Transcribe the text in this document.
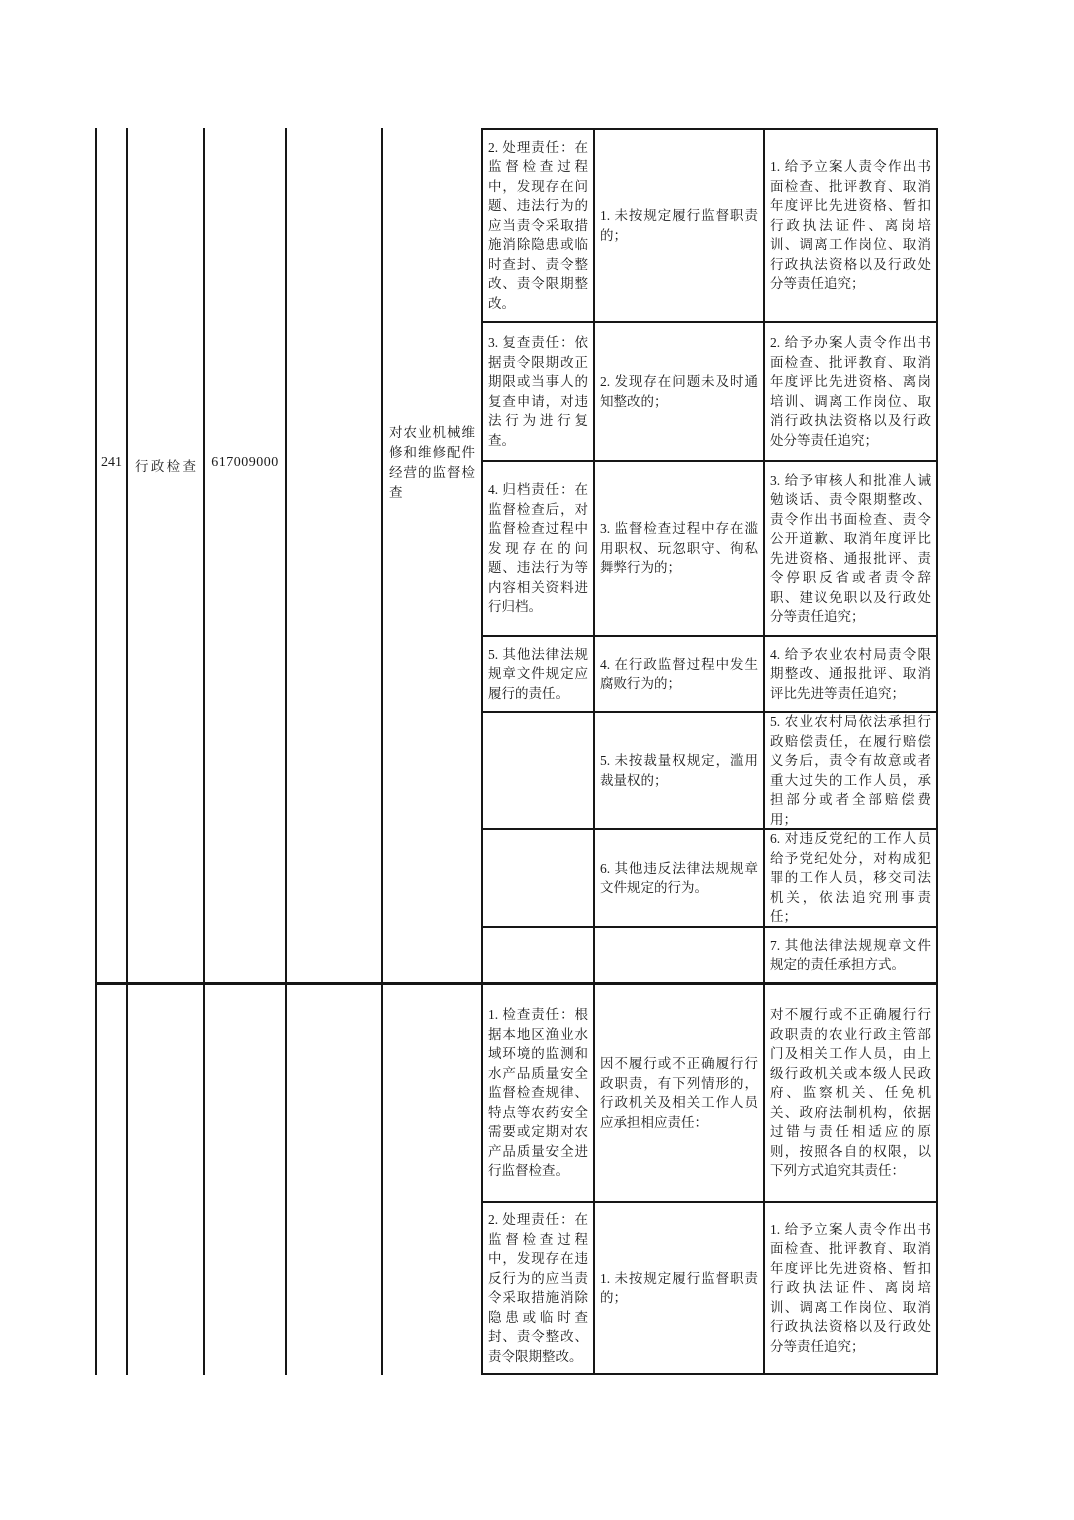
241 行政检查	617009000
对农业机械维修和维修配件经营的监督检查
2. 处理责任：在监督检查过程中，发现存在问题、违法行为的应当责令采取措施消除隐患或临时查封、责令整改、责令限期整改。
3. 复查责任：依据责令限期改正期限或当事人的复查申请，对违法行为进行复查。
4. 归档责任：在监督检查后，对监督检查过程中发现存在的问题、违法行为等内容相关资料进行归档。
5. 其他法律法规规章文件规定应履行的责任。
1. 未按规定履行监督职责的；
2. 发现存在问题未及时通知整改的；
3. 监督检查过程中存在滥用职权、玩忽职守、徇私舞弊行为的；
4. 在行政监督过程中发生腐败行为的；
5. 未按裁量权规定，滥用裁量权的；
6. 其他违反法律法规规章文件规定的行为。
1. 给予立案人责令作出书面检查、批评教育、取消年度评比先进资格、暂扣行政执法证件、离岗培训、调离工作岗位、取消行政执法资格以及行政处分等责任追究；
2. 给予办案人责令作出书面检查、批评教育、取消年度评比先进资格、离岗培训、调离工作岗位、取消行政执法资格以及行政处分等责任追究；
3. 给予审核人和批准人诫勉谈话、责令限期整改、责令作出书面检查、责令公开道歉、取消年度评比先进资格、通报批评、责令停职反省或者责令辞职、建议免职以及行政处分等责任追究；
4. 给予农业农村局责令限期整改、通报批评、取消评比先进等责任追究；
5. 农业农村局依法承担行政赔偿责任，在履行赔偿义务后，责令有故意或者重大过失的工作人员，承担部分或者全部赔偿费用；
6. 对违反党纪的工作人员给予党纪处分，对构成犯罪的工作人员，移交司法机关，依法追究刑事责任；
7. 其他法律法规规章文件规定的责任承担方式。
1. 检查责任：根据本地区渔业水域环境的监测和水产品质量安全监督检查规律、特点等农药安全需要或定期对农产品质量安全进行监督检查。
2. 处理责任：在监督检查过程中，发现存在违反行为的应当责令采取措施消除隐患或临时查封、责令整改、责令限期整改。
因不履行或不正确履行行政职责，有下列情形的，行政机关及相关工作人员应承担相应责任：
1. 未按规定履行监督职责的；
对不履行或不正确履行行政职责的农业行政主管部门及相关工作人员，由上级行政机关或本级人民政府、监察机关、任免机关、政府法制机构，依据过错与责任相适应的原则，按照各自的权限，以下列方式追究其责任：
1. 给予立案人责令作出书面检查、批评教育、取消年度评比先进资格、暂扣行政执法证件、离岗培训、调离工作岗位、取消行政执法资格以及行政处分等责任追究；
